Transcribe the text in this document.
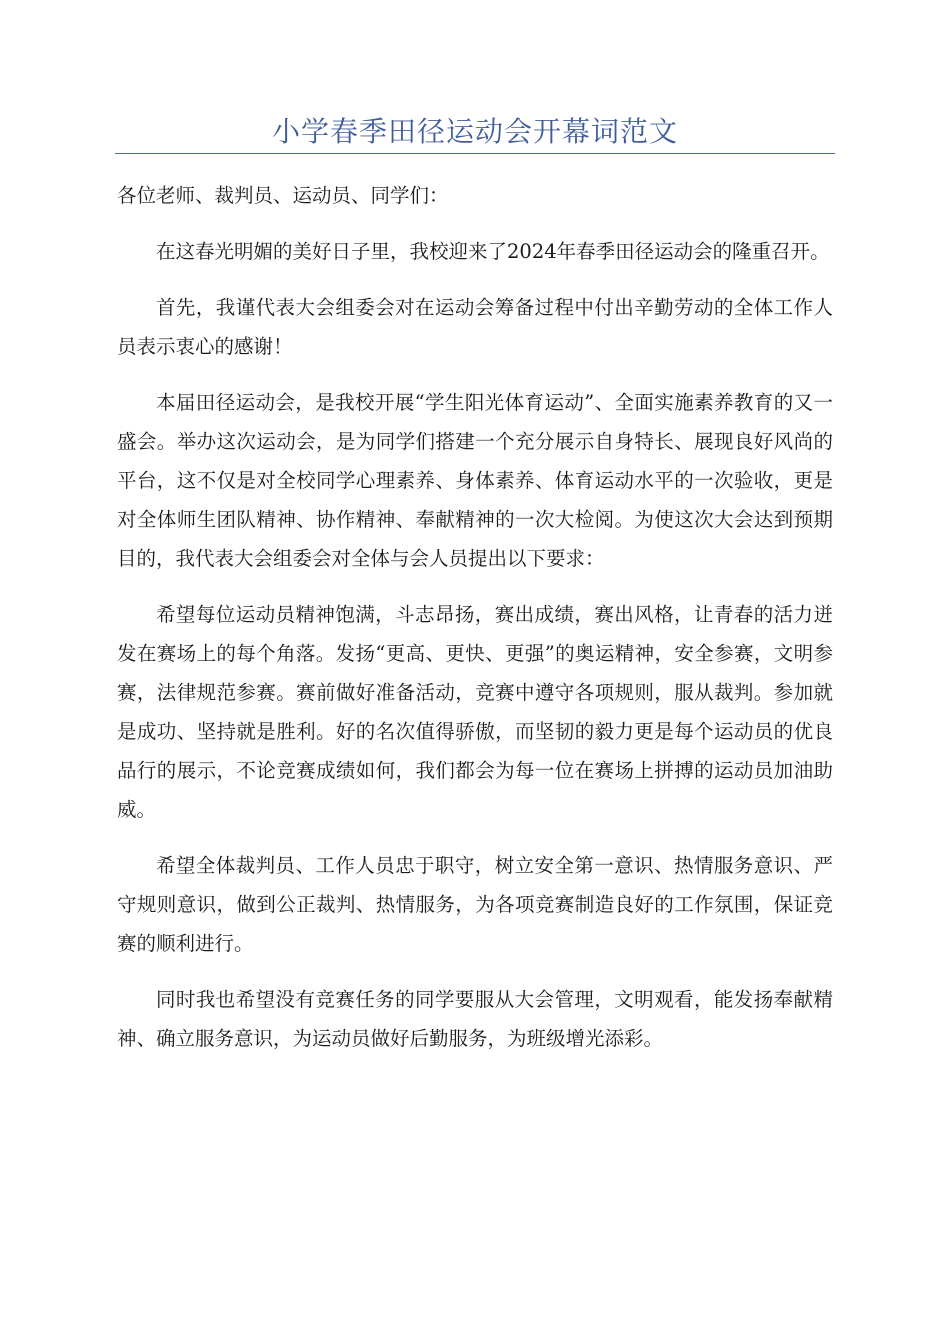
小学春季田径运动会开幕词范文

各位老师、裁判员、运动员、同学们：

在这春光明媚的美好日子里，我校迎来了2024年春季田径运动会的隆重召开。

首先，我谨代表大会组委会对在运动会筹备过程中付出辛勤劳动的全体工作人员表示衷心的感谢！

本届田径运动会，是我校开展“学生阳光体育运动”、全面实施素养教育的又一盛会。举办这次运动会，是为同学们搭建一个充分展示自身特长、展现良好风尚的平台，这不仅是对全校同学心理素养、身体素养、体育运动水平的一次验收，更是对全体师生团队精神、协作精神、奉献精神的一次大检阅。为使这次大会达到预期目的，我代表大会组委会对全体与会人员提出以下要求：

希望每位运动员精神饱满，斗志昂扬，赛出成绩，赛出风格，让青春的活力迸发在赛场上的每个角落。发扬“更高、更快、更强”的奥运精神，安全参赛，文明参赛，法律规范参赛。赛前做好准备活动，竞赛中遵守各项规则，服从裁判。参加就是成功、坚持就是胜利。好的名次值得骄傲，而坚韧的毅力更是每个运动员的优良品行的展示，不论竞赛成绩如何，我们都会为每一位在赛场上拼搏的运动员加油助威。

希望全体裁判员、工作人员忠于职守，树立安全第一意识、热情服务意识、严守规则意识，做到公正裁判、热情服务，为各项竞赛制造良好的工作氛围，保证竞赛的顺利进行。

同时我也希望没有竞赛任务的同学要服从大会管理，文明观看，能发扬奉献精神、确立服务意识，为运动员做好后勤服务，为班级增光添彩。
